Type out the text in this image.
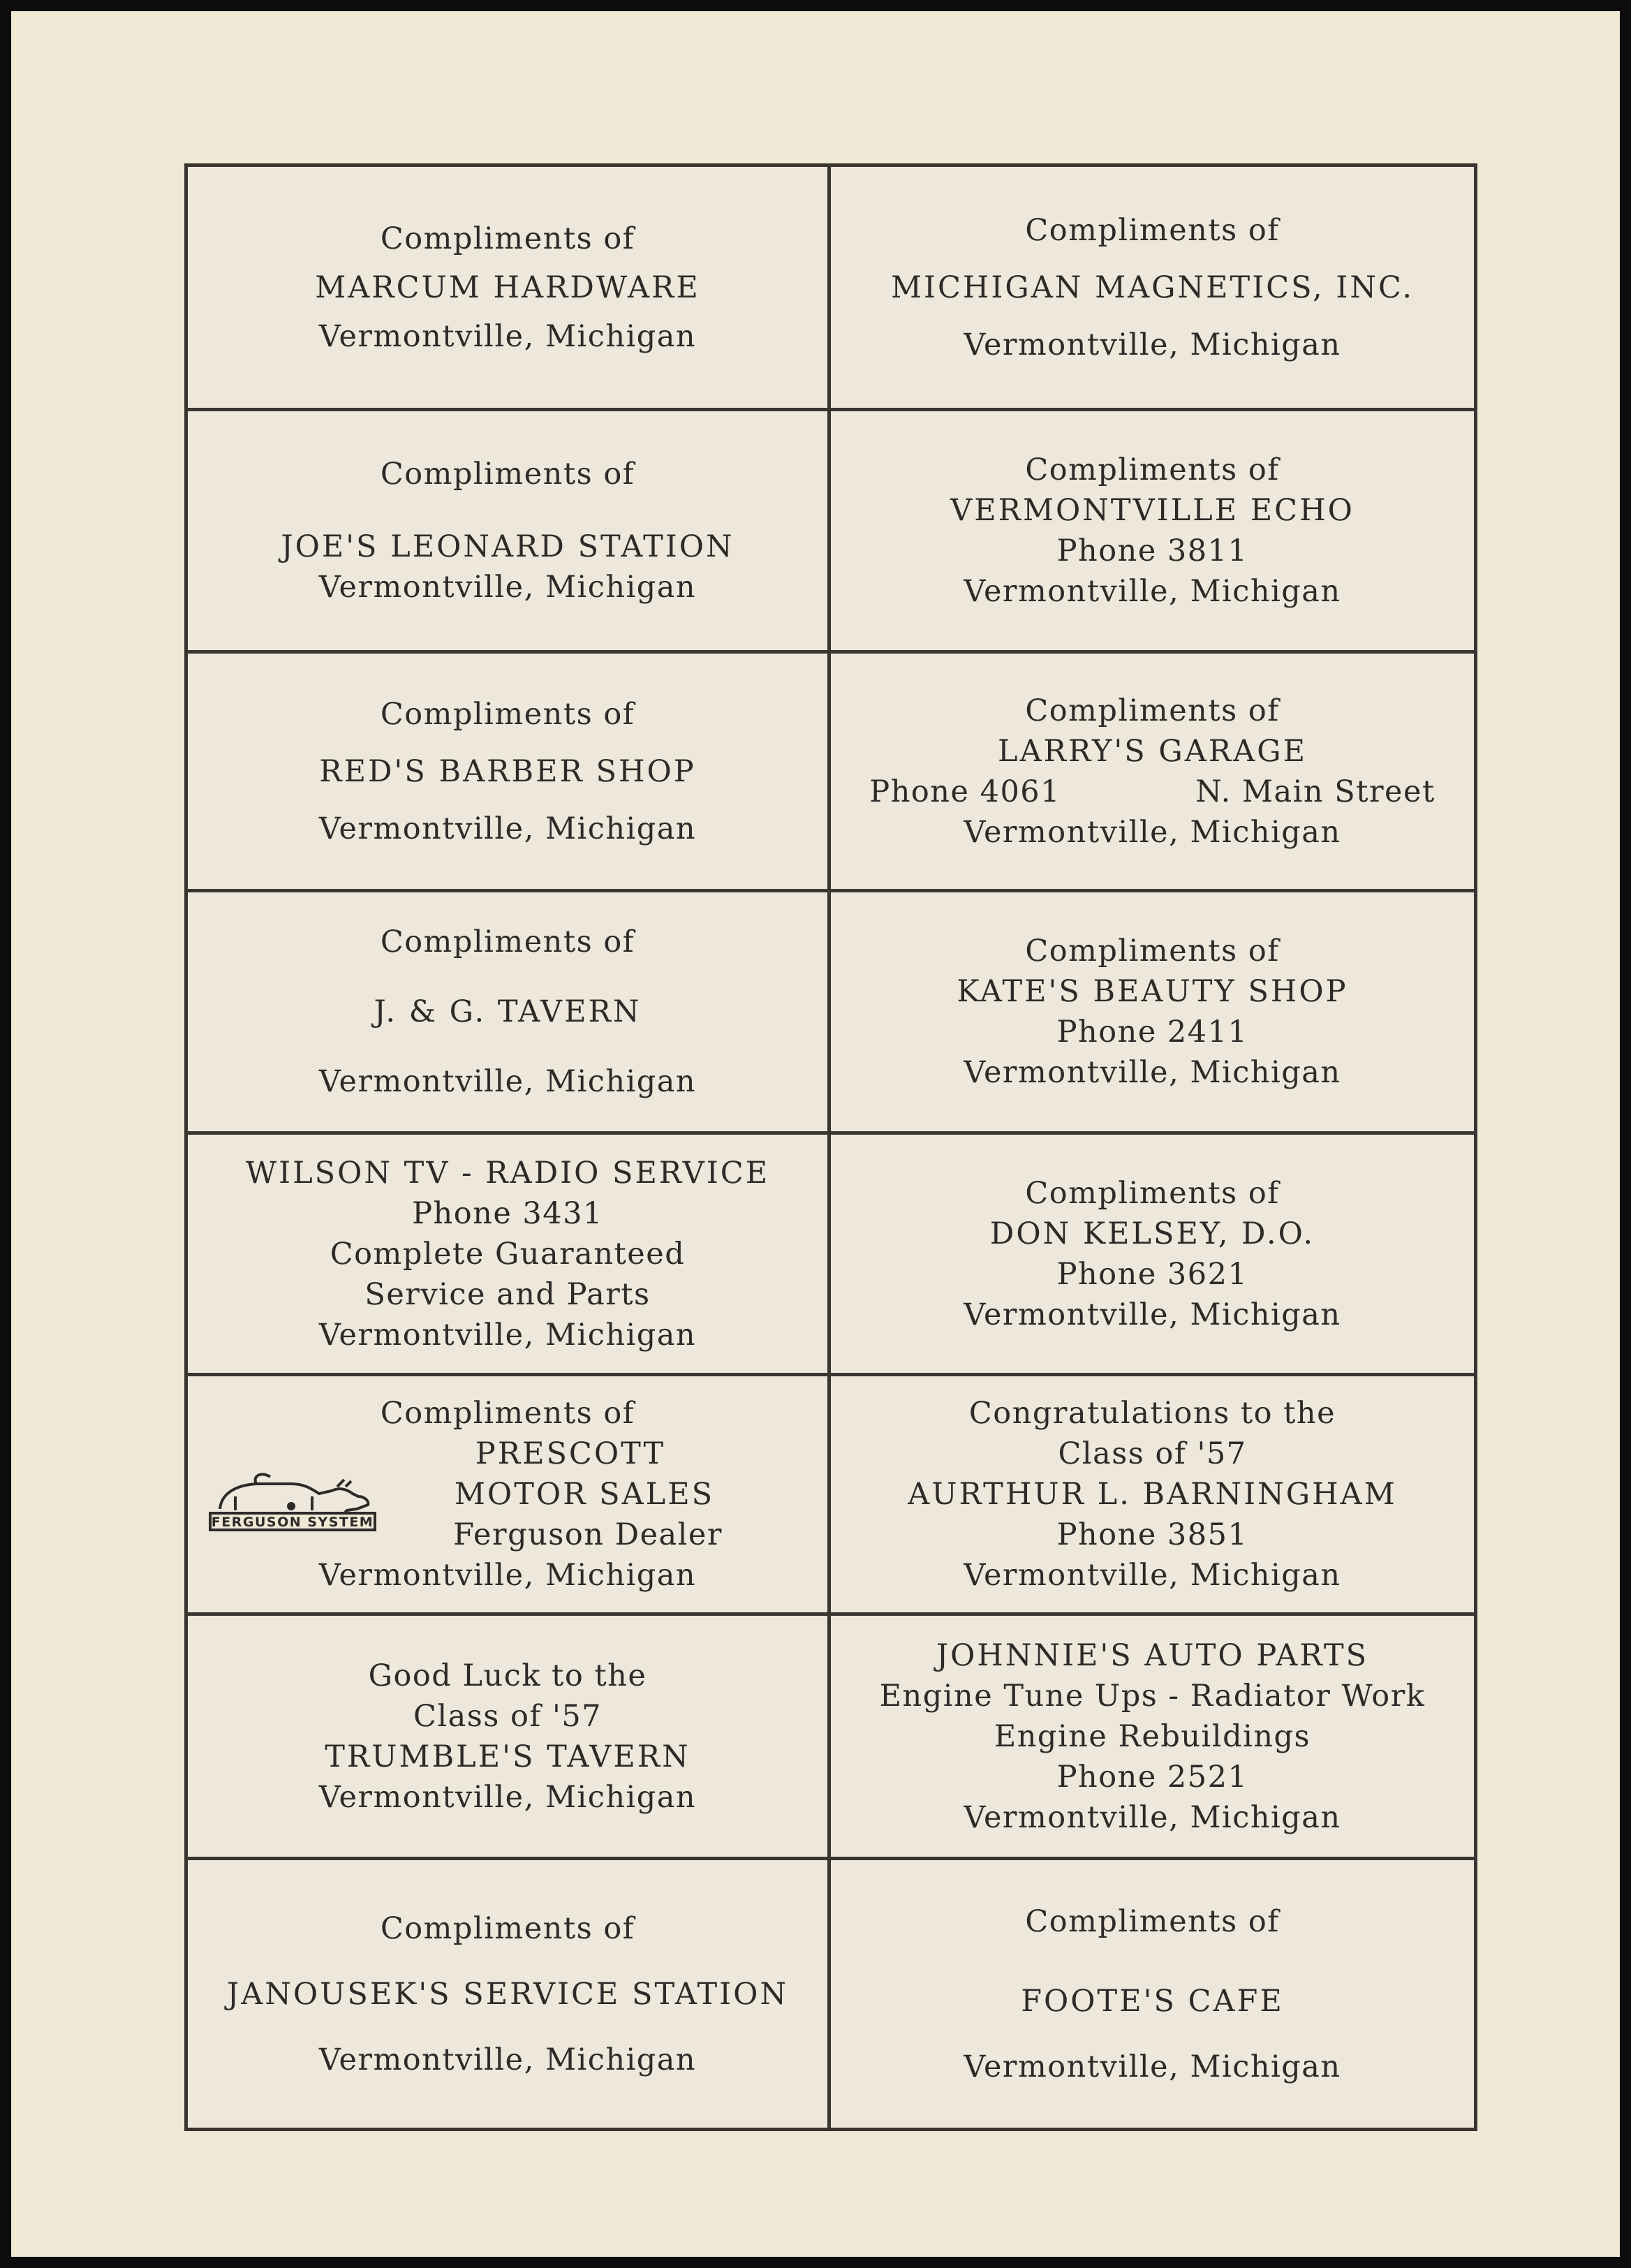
Compliments of
MARCUM HARDWARE
Vermontville, Michigan
Compliments of
MICHIGAN MAGNETICS, INC.
Vermontville, Michigan
Compliments of
JOE'S LEONARD STATION
Vermontville, Michigan
Compliments of
VERMONTVILLE ECHO
Phone 3811
Vermontville, Michigan
Compliments of
RED'S BARBER SHOP
Vermontville, Michigan
Compliments of
LARRY'S GARAGE
Phone 4061	N. Main Street
Vermontville, Michigan
Compliments of
J. & G. TAVERN
Vermontville, Michigan
Compliments of
KATE'S BEAUTY SHOP
Phone 2411
Vermontville, Michigan
WILSON TV - RADIO SERVICE
Phone 3431
Complete Guaranteed
Service and Parts
Vermontville, Michigan
Compliments of
DON KELSEY, D.O.
Phone 3621
Vermontville, Michigan
FERGUSON SYSTEM
Compliments of
PRESCOTT
MOTOR SALES
Ferguson Dealer
Vermontville, Michigan
Congratulations to the
Class of '57
AURTHUR L. BARNINGHAM
Phone 3851
Vermontville, Michigan
Good Luck to the
Class of '57
TRUMBLE'S TAVERN
Vermontville, Michigan
JOHNNIE'S AUTO PARTS
Engine Tune Ups - Radiator Work
Engine Rebuildings
Phone 2521
Vermontville, Michigan
Compliments of
JANOUSEK'S SERVICE STATION
Vermontville, Michigan
Compliments of
FOOTE'S CAFE
Vermontville, Michigan
